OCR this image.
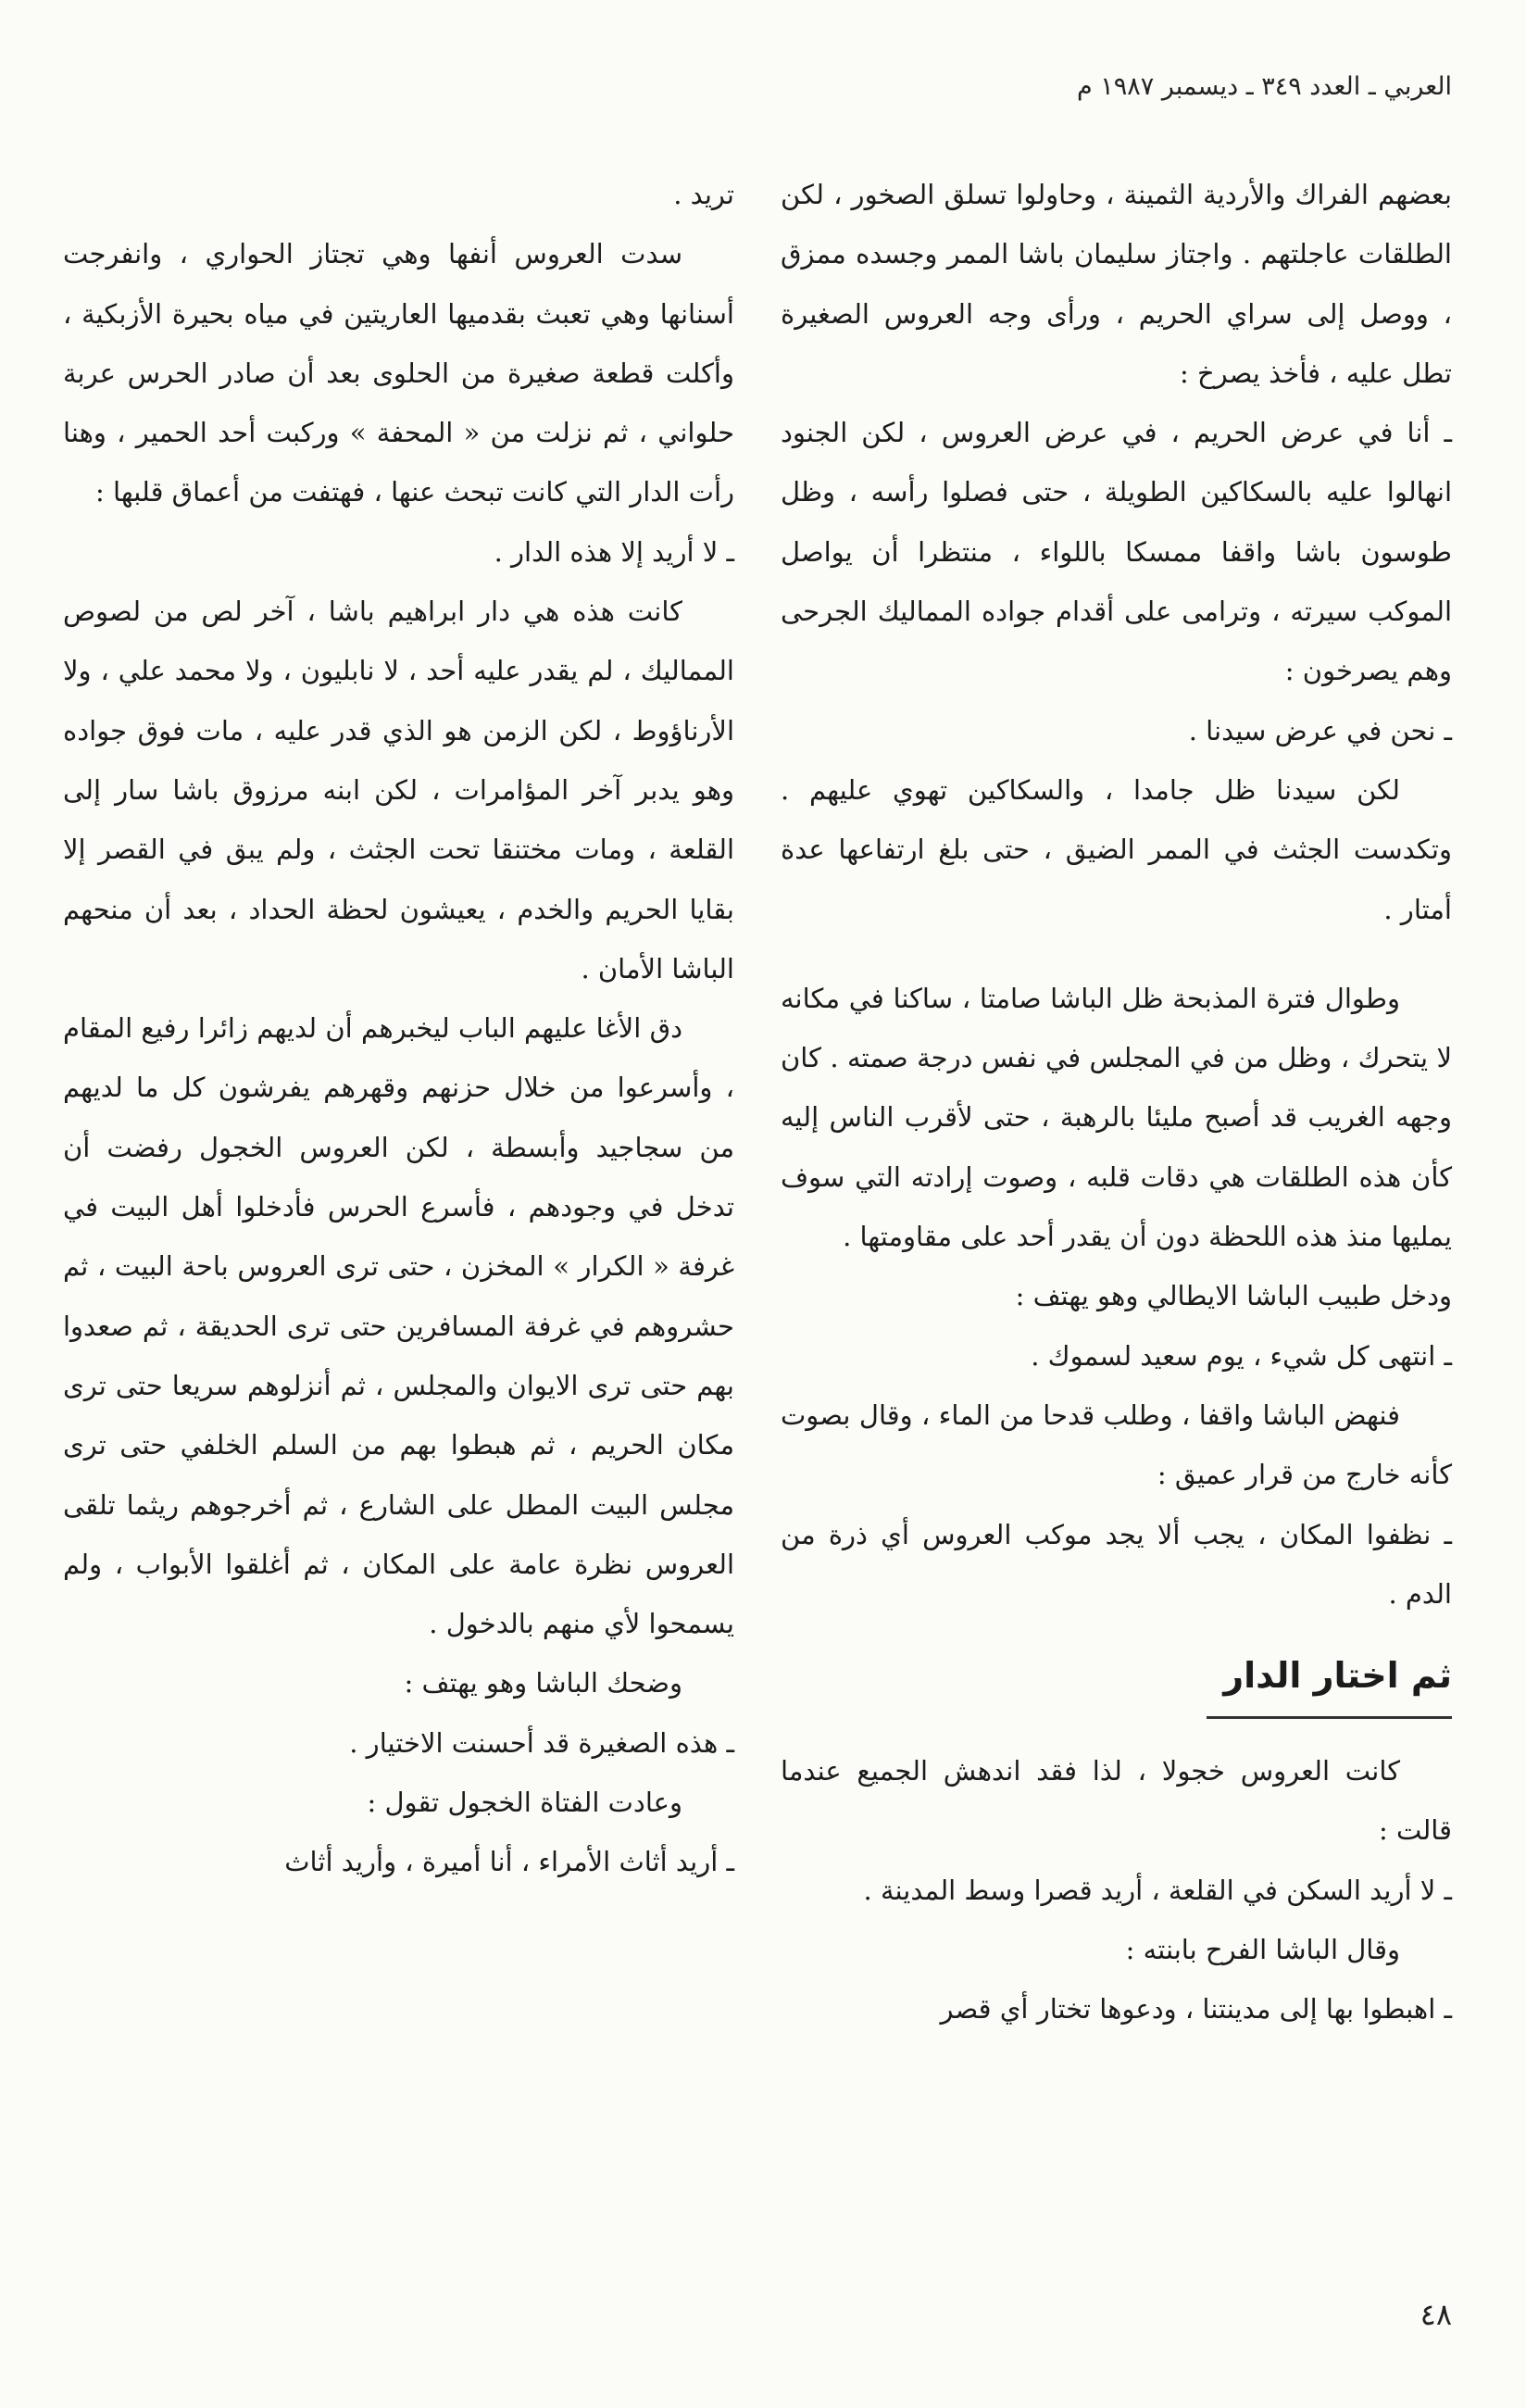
العربي ـ العدد ٣٤٩ ـ ديسمبر ١٩٨٧ م

بعضهم الفراك والأردية الثمينة ، وحاولوا تسلق الصخور ، لكن الطلقات عاجلتهم . واجتاز سليمان باشا الممر وجسده ممزق ، ووصل إلى سراي الحريم ، ورأى وجه العروس الصغيرة تطل عليه ، فأخذ يصرخ :

ـ أنا في عرض الحريم ، في عرض العروس ، لكن الجنود انهالوا عليه بالسكاكين الطويلة ، حتى فصلوا رأسه ، وظل طوسون باشا واقفا ممسكا باللواء ، منتظرا أن يواصل الموكب سيرته ، وترامى على أقدام جواده المماليك الجرحى وهم يصرخون :

ـ نحن في عرض سيدنا .

لكن سيدنا ظل جامدا ، والسكاكين تهوي عليهم . وتكدست الجثث في الممر الضيق ، حتى بلغ ارتفاعها عدة أمتار .

وطوال فترة المذبحة ظل الباشا صامتا ، ساكنا في مكانه لا يتحرك ، وظل من في المجلس في نفس درجة صمته . كان وجهه الغريب قد أصبح مليئا بالرهبة ، حتى لأقرب الناس إليه كأن هذه الطلقات هي دقات قلبه ، وصوت إرادته التي سوف يمليها منذ هذه اللحظة دون أن يقدر أحد على مقاومتها .

ودخل طبيب الباشا الايطالي وهو يهتف :

ـ انتهى كل شيء ، يوم سعيد لسموك .

فنهض الباشا واقفا ، وطلب قدحا من الماء ، وقال بصوت كأنه خارج من قرار عميق :

ـ نظفوا المكان ، يجب ألا يجد موكب العروس أي ذرة من الدم .

ثم اختار الدار

كانت العروس خجولا ، لذا فقد اندهش الجميع عندما قالت :

ـ لا أريد السكن في القلعة ، أريد قصرا وسط المدينة .

وقال الباشا الفرح بابنته :

ـ اهبطوا بها إلى مدينتنا ، ودعوها تختار أي قصر

تريد .

سدت العروس أنفها وهي تجتاز الحواري ، وانفرجت أسنانها وهي تعبث بقدميها العاريتين في مياه بحيرة الأزبكية ، وأكلت قطعة صغيرة من الحلوى بعد أن صادر الحرس عربة حلواني ، ثم نزلت من « المحفة » وركبت أحد الحمير ، وهنا رأت الدار التي كانت تبحث عنها ، فهتفت من أعماق قلبها :

ـ لا أريد إلا هذه الدار .

كانت هذه هي دار ابراهيم باشا ، آخر لص من لصوص المماليك ، لم يقدر عليه أحد ، لا نابليون ، ولا محمد علي ، ولا الأرناؤوط ، لكن الزمن هو الذي قدر عليه ، مات فوق جواده وهو يدبر آخر المؤامرات ، لكن ابنه مرزوق باشا سار إلى القلعة ، ومات مختنقا تحت الجثث ، ولم يبق في القصر إلا بقايا الحريم والخدم ، يعيشون لحظة الحداد ، بعد أن منحهم الباشا الأمان .

دق الأغا عليهم الباب ليخبرهم أن لديهم زائرا رفيع المقام ، وأسرعوا من خلال حزنهم وقهرهم يفرشون كل ما لديهم من سجاجيد وأبسطة ، لكن العروس الخجول رفضت أن تدخل في وجودهم ، فأسرع الحرس فأدخلوا أهل البيت في غرفة « الكرار » المخزن ، حتى ترى العروس باحة البيت ، ثم حشروهم في غرفة المسافرين حتى ترى الحديقة ، ثم صعدوا بهم حتى ترى الايوان والمجلس ، ثم أنزلوهم سريعا حتى ترى مكان الحريم ، ثم هبطوا بهم من السلم الخلفي حتى ترى مجلس البيت المطل على الشارع ، ثم أخرجوهم ريثما تلقى العروس نظرة عامة على المكان ، ثم أغلقوا الأبواب ، ولم يسمحوا لأي منهم بالدخول .

وضحك الباشا وهو يهتف :

ـ هذه الصغيرة قد أحسنت الاختيار .

وعادت الفتاة الخجول تقول :

ـ أريد أثاث الأمراء ، أنا أميرة ، وأريد أثاث

٤٨
